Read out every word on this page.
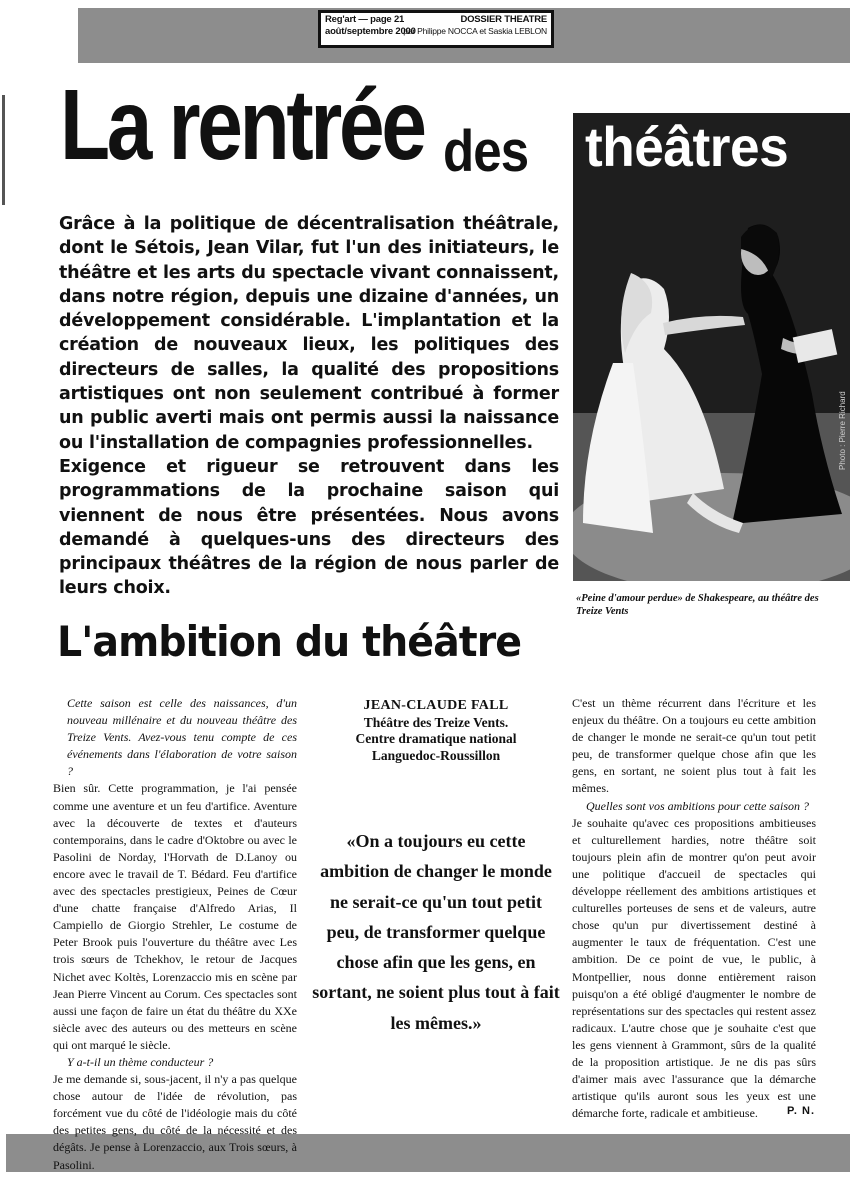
Reg'art — page 21
août/septembre 2000
DOSSIER THEATRE
par Philippe NOCCA et Saskia LEBLON
La rentrée des théâtres
Photo : Pierre Richard
«Peine d'amour perdue» de Shakespeare, au théâtre des Treize Vents

Grâce à la politique de décentralisation théâtrale, dont le Sétois, Jean Vilar, fut l'un des initiateurs, le théâtre et les arts du spectacle vivant connaissent, dans notre région, depuis une dizaine d'années, un développement considérable. L'implantation et la création de nouveaux lieux, les politiques des directeurs de salles, la qualité des propositions artistiques ont non seulement contribué à former un public averti mais ont permis aussi la naissance ou l'installation de compagnies professionnelles.

Exigence et rigueur se retrouvent dans les programmations de la prochaine saison qui viennent de nous être présentées. Nous avons demandé à quelques-uns des directeurs des principaux théâtres de la région de nous parler de leurs choix.

L'ambition du théâtre

Cette saison est celle des naissances, d'un nouveau millénaire et du nouveau théâtre des Treize Vents. Avez-vous tenu compte de ces événements dans l'élaboration de votre saison ?

Bien sûr. Cette programmation, je l'ai pensée comme une aventure et un feu d'artifice. Aventure avec la découverte de textes et d'auteurs contemporains, dans le cadre d'Oktobre ou avec le Pasolini de Norday, l'Horvath de D.Lanoy ou encore avec le travail de T. Bédard. Feu d'artifice avec des spectacles prestigieux, Peines de Cœur d'une chatte française d'Alfredo Arias, Il Campiello de Giorgio Strehler, Le costume de Peter Brook puis l'ouverture du théâtre avec Les trois sœurs de Tchekhov, le retour de Jacques Nichet avec Koltès, Lorenzaccio mis en scène par Jean Pierre Vincent au Corum. Ces spectacles sont aussi une façon de faire un état du théâtre du XXe siècle avec des auteurs ou des metteurs en scène qui ont marqué le siècle.

Y a-t-il un thème conducteur ?

Je me demande si, sous-jacent, il n'y a pas quelque chose autour de l'idée de révolution, pas forcément vue du côté de l'idéologie mais du côté des petites gens, du côté de la nécessité et des dégâts. Je pense à Lorenzaccio, aux Trois sœurs, à Pasolini.

JEAN-CLAUDE FALL
Théâtre des Treize Vents.
Centre dramatique national
Languedoc-Roussillon
«On a toujours eu cette ambition de changer le monde ne serait-ce qu'un tout petit peu, de transformer quelque chose afin que les gens, en sortant, ne soient plus tout à fait les mêmes.»

C'est un thème récurrent dans l'écriture et les enjeux du théâtre. On a toujours eu cette ambition de changer le monde ne serait-ce qu'un tout petit peu, de transformer quelque chose afin que les gens, en sortant, ne soient plus tout à fait les mêmes.

Quelles sont vos ambitions pour cette saison ?

Je souhaite qu'avec ces propositions ambitieuses et culturellement hardies, notre théâtre soit toujours plein afin de montrer qu'on peut avoir une politique d'accueil de spectacles qui développe réellement des ambitions artistiques et culturelles porteuses de sens et de valeurs, autre chose qu'un pur divertissement destiné à augmenter le taux de fréquentation. C'est une ambition. De ce point de vue, le public, à Montpellier, nous donne entièrement raison puisqu'on a été obligé d'augmenter le nombre de représentations sur des spectacles qui restent assez radicaux. L'autre chose que je souhaite c'est que les gens viennent à Grammont, sûrs de la qualité de la proposition artistique. Je ne dis pas sûrs d'aimer mais avec l'assurance que la démarche artistique qu'ils auront sous les yeux est une démarche forte, radicale et ambitieuse.	P. N.
